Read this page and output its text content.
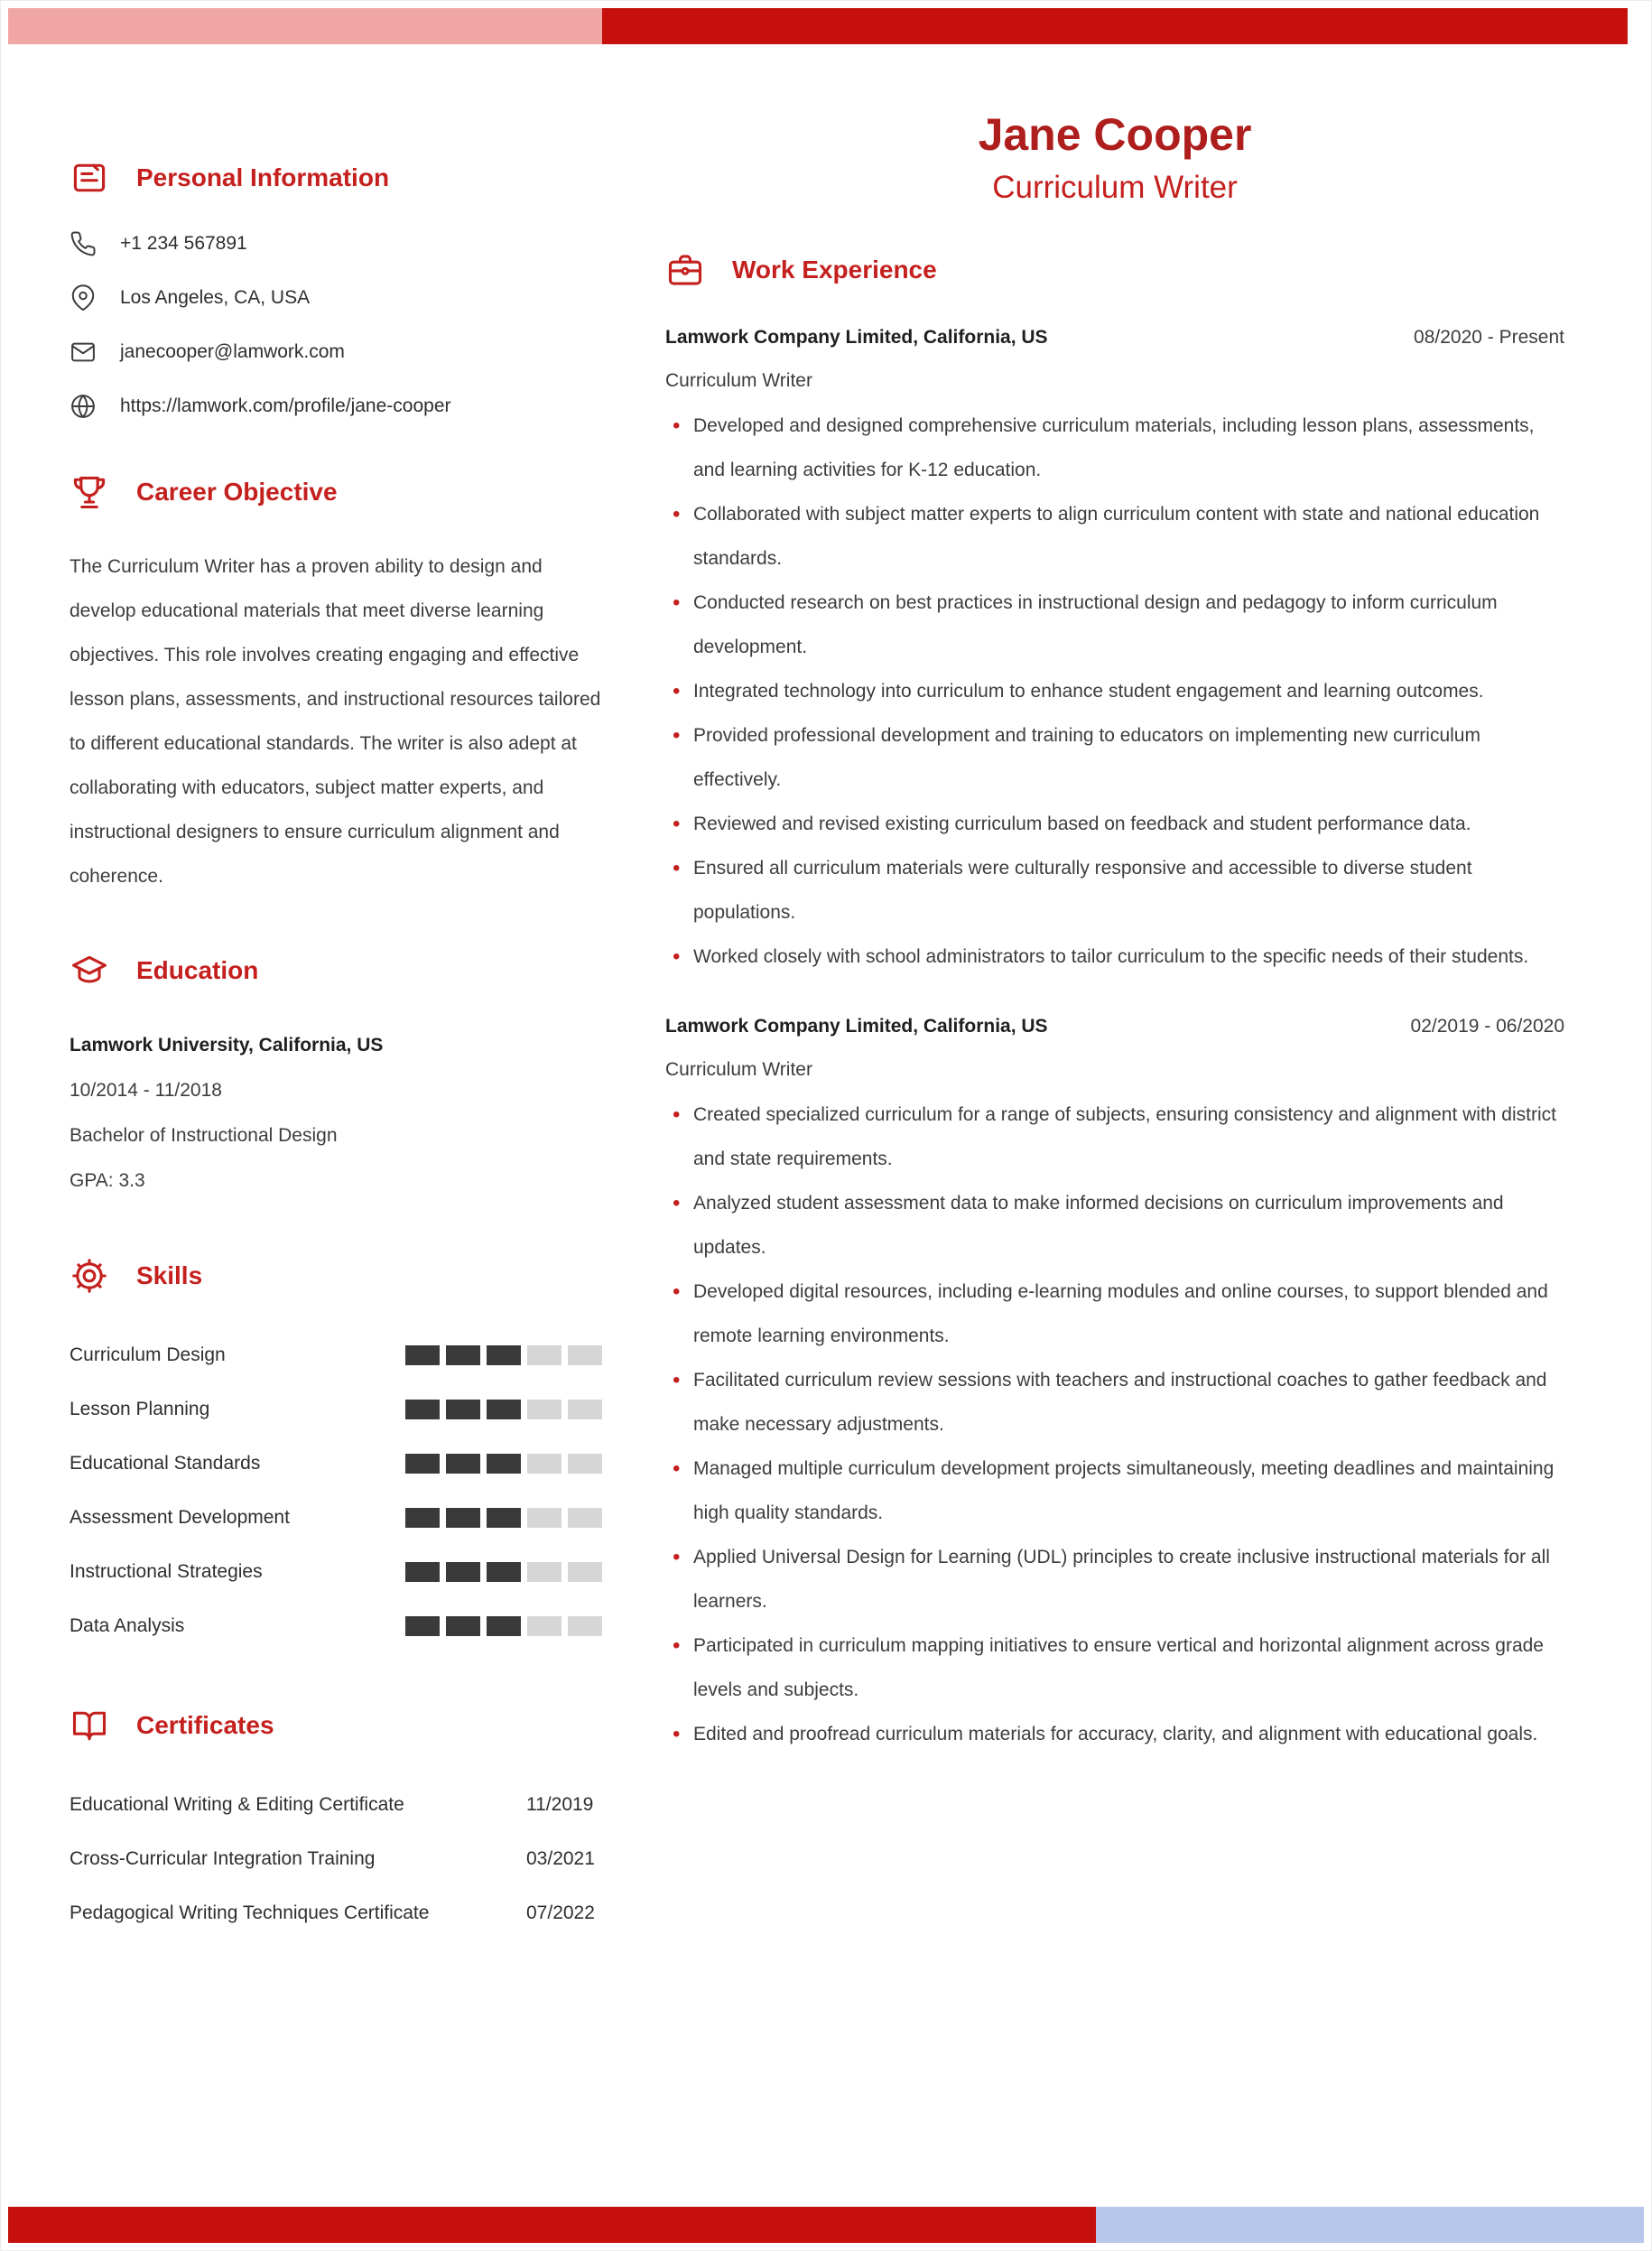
Personal Information
+1 234 567891
Los Angeles, CA, USA
janecooper@lamwork.com
https://lamwork.com/profile/jane-cooper
Career Objective

The Curriculum Writer has a proven ability to design and develop educational materials that meet diverse learning objectives. This role involves creating engaging and effective lesson plans, assessments, and instructional resources tailored to different educational standards. The writer is also adept at collaborating with educators, subject matter experts, and instructional designers to ensure curriculum alignment and coherence.

Education
Lamwork University, California, US
10/2014 - 11/2018
Bachelor of Instructional Design
GPA: 3.3
Skills
Curriculum Design
Lesson Planning
Educational Standards
Assessment Development
Instructional Strategies
Data Analysis
Certificates
Educational Writing & Editing Certificate	11/2019
Cross-Curricular Integration Training	03/2021
Pedagogical Writing Techniques Certificate	07/2022
Jane Cooper
Curriculum Writer
Work Experience
Lamwork Company Limited, California, US	08/2020 - Present
Curriculum Writer
• Developed and designed comprehensive curriculum materials, including lesson plans, assessments, and learning activities for K-12 education.
• Collaborated with subject matter experts to align curriculum content with state and national education standards.
• Conducted research on best practices in instructional design and pedagogy to inform curriculum development.
• Integrated technology into curriculum to enhance student engagement and learning outcomes.
• Provided professional development and training to educators on implementing new curriculum effectively.
• Reviewed and revised existing curriculum based on feedback and student performance data.
• Ensured all curriculum materials were culturally responsive and accessible to diverse student populations.
• Worked closely with school administrators to tailor curriculum to the specific needs of their students.
Lamwork Company Limited, California, US	02/2019 - 06/2020
Curriculum Writer
• Created specialized curriculum for a range of subjects, ensuring consistency and alignment with district and state requirements.
• Analyzed student assessment data to make informed decisions on curriculum improvements and updates.
• Developed digital resources, including e-learning modules and online courses, to support blended and remote learning environments.
• Facilitated curriculum review sessions with teachers and instructional coaches to gather feedback and make necessary adjustments.
• Managed multiple curriculum development projects simultaneously, meeting deadlines and maintaining high quality standards.
• Applied Universal Design for Learning (UDL) principles to create inclusive instructional materials for all learners.
• Participated in curriculum mapping initiatives to ensure vertical and horizontal alignment across grade levels and subjects.
• Edited and proofread curriculum materials for accuracy, clarity, and alignment with educational goals.
